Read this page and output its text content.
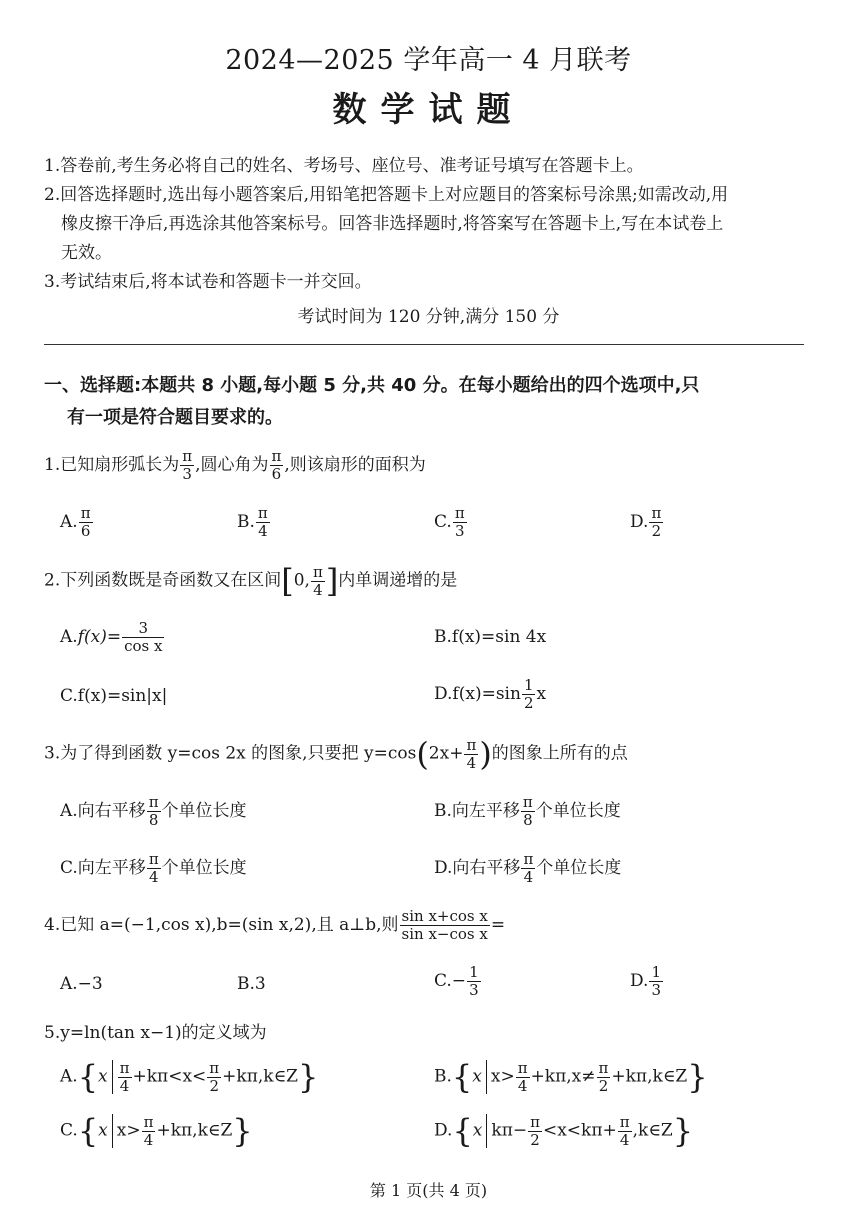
2024—2025 学年高一 4 月联考
数学试题
1.答卷前,考生务必将自己的姓名、考场号、座位号、准考证号填写在答题卡上。
2.回答选择题时,选出每小题答案后,用铅笔把答题卡上对应题目的答案标号涂黑;如需改动,用
橡皮擦干净后,再选涂其他答案标号。回答非选择题时,将答案写在答题卡上,写在本试卷上
无效。
3.考试结束后,将本试卷和答题卡一并交回。
考试时间为 120 分钟,满分 150 分
一、选择题:本题共 8 小题,每小题 5 分,共 40 分。在每小题给出的四个选项中,只
有一项是符合题目要求的。
1.已知扇形弧长为 $\frac{\pi}{3}$ ,圆心角为 $\frac{\pi}{6}$ ,则该扇形的面积为
A. $\frac{\pi}{6}$	B. $\frac{\pi}{4}$	C. $\frac{\pi}{3}$	D. $\frac{\pi}{2}$
2.下列函数既是奇函数又在区间[0, $\frac{\pi}{4}$ ]内单调递增的是
$A.f(x)= \frac{3}{\text{cos x}}$	B.f(x)=sin 4x
C.f(x)=sin|x|	$D.f(x)=\sin \frac{1}{2}$ x
3.为了得到函数 y=cos 2x 的图象,只要把 $y=\cos(2x+ \frac{\pi}{4}$ )的图象上所有的点
A.向右平移 $\frac{\pi}{8}$ 个单位长度	B.向左平移 $\frac{\pi}{8}$ 个单位长度
C.向左平移 $\frac{\pi}{4}$ 个单位长度	D.向右平移 $\frac{\pi}{4}$ 个单位长度
4.已知 a=(−1,cos x),b=(sin x,2),且 a⊥b,则 $\frac{\text{sin x+cos x}}{\text{sin x−cos x}}$ =
A.−3	B.3	$C.- \frac{1}{3}$	D. $\frac{1}{3}$
5.y=ln(tan x−1)的定义域为
$A.\{x \frac{\pi}{4} +k\pi<x< \frac{\pi}{2}$ +kπ,k∈Z}	B.{x $x> \frac{\pi}{4} +k\pi,x\ne \frac{\pi}{2}$ +kπ,k∈Z}
C.{x $x> \frac{\pi}{4}$ +kπ,k∈Z}	D.{x $k\pi- \frac{\pi}{2} <x<k\pi+ \frac{\pi}{4}$ ,k∈Z}
第 1 页(共 4 页)
